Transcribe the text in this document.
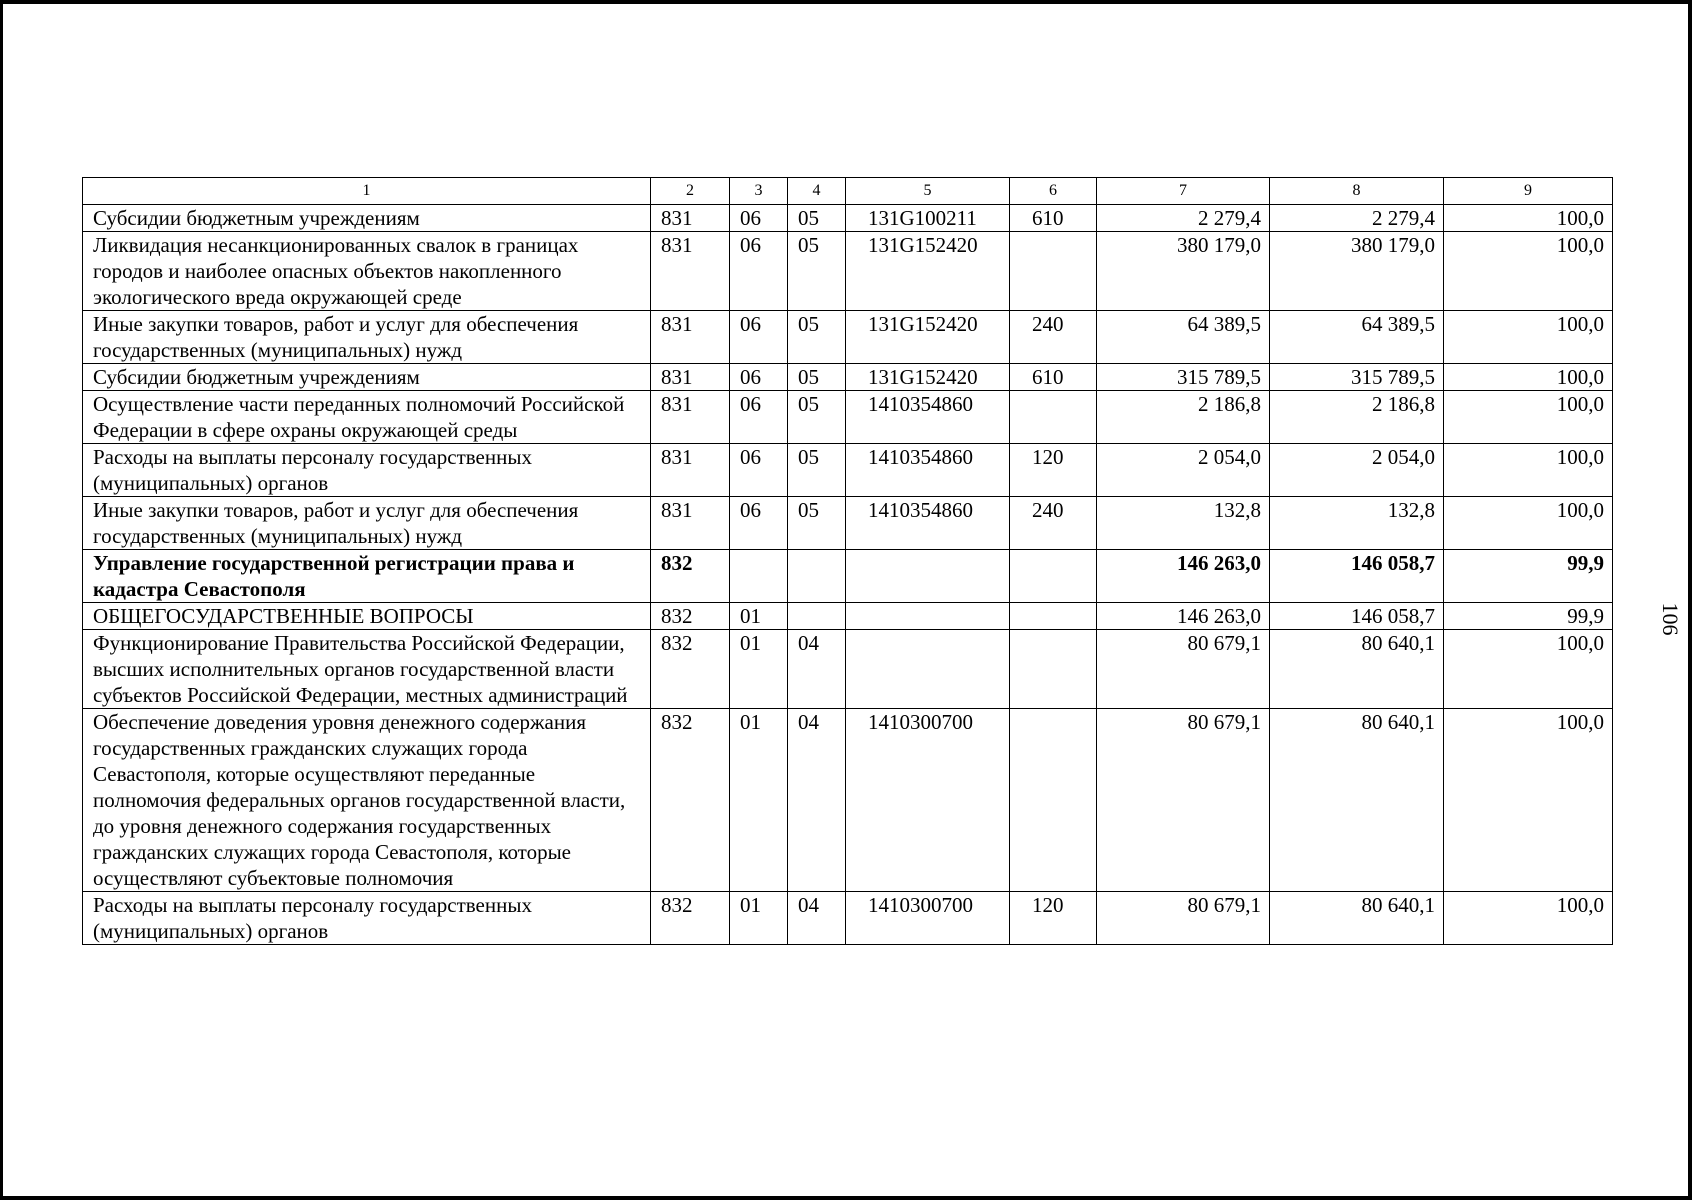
106
1	2	3	4	5	6	7	8	9
Субсидии бюджетным учреждениям	831	06	05	131G100211	610	2 279,4	2 279,4	100,0
Ликвидация несанкционированных свалок в границах городов и наиболее опасных объектов накопленного экологического вреда окружающей среде	831	06	05	131G152420		380 179,0	380 179,0	100,0
Иные закупки товаров, работ и услуг для обеспечения государственных (муниципальных) нужд	831	06	05	131G152420	240	64 389,5	64 389,5	100,0
Субсидии бюджетным учреждениям	831	06	05	131G152420	610	315 789,5	315 789,5	100,0
Осуществление части переданных полномочий Российской Федерации в сфере охраны окружающей среды	831	06	05	1410354860		2 186,8	2 186,8	100,0
Расходы на выплаты персоналу государственных (муниципальных) органов	831	06	05	1410354860	120	2 054,0	2 054,0	100,0
Иные закупки товаров, работ и услуг для обеспечения государственных (муниципальных) нужд	831	06	05	1410354860	240	132,8	132,8	100,0
Управление государственной регистрации права и кадастра Севастополя	832					146 263,0	146 058,7	99,9
ОБЩЕГОСУДАРСТВЕННЫЕ ВОПРОСЫ	832	01				146 263,0	146 058,7	99,9
Функционирование Правительства Российской Федерации, высших исполнительных органов государственной власти субъектов Российской Федерации, местных администраций	832	01	04			80 679,1	80 640,1	100,0
Обеспечение доведения уровня денежного содержания государственных гражданских служащих города Севастополя, которые осуществляют переданные полномочия федеральных органов государственной власти, до уровня денежного содержания государственных гражданских служащих города Севастополя, которые осуществляют субъектовые полномочия	832	01	04	1410300700		80 679,1	80 640,1	100,0
Расходы на выплаты персоналу государственных (муниципальных) органов	832	01	04	1410300700	120	80 679,1	80 640,1	100,0
